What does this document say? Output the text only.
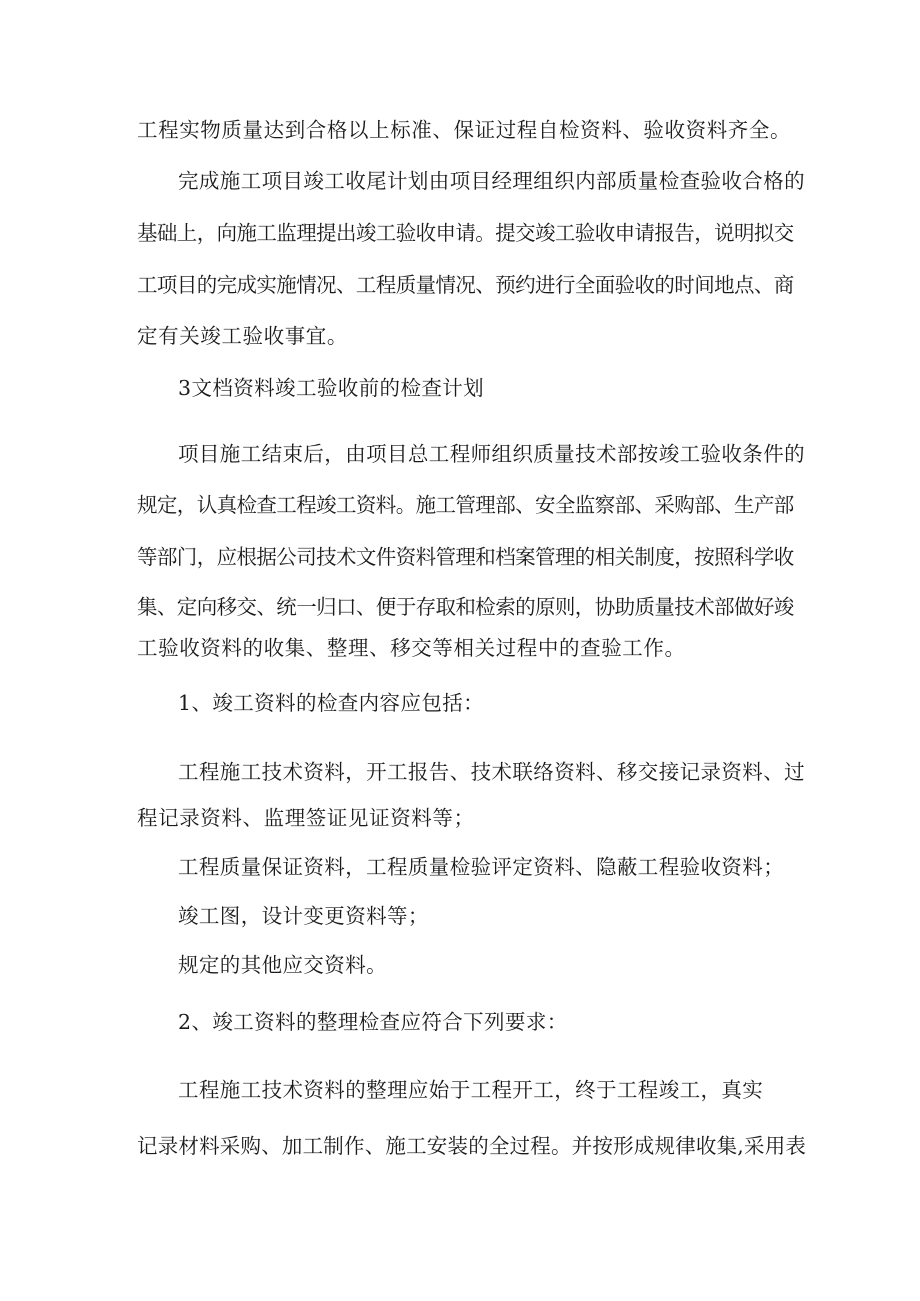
工程实物质量达到合格以上标准、保证过程自检资料、验收资料齐全。

完成施工项目竣工收尾计划由项目经理组织内部质量检查验收合格的

基础上，向施工监理提出竣工验收申请。提交竣工验收申请报告，说明拟交

工项目的完成实施情况、工程质量情况、预约进行全面验收的时间地点、商

定有关竣工验收事宜。

3文档资料竣工验收前的检查计划

项目施工结束后，由项目总工程师组织质量技术部按竣工验收条件的

规定，认真检查工程竣工资料。施工管理部、安全监察部、采购部、生产部

等部门，应根据公司技术文件资料管理和档案管理的相关制度，按照科学收

集、定向移交、统一归口、便于存取和检索的原则，协助质量技术部做好竣

工验收资料的收集、整理、移交等相关过程中的查验工作。

1、竣工资料的检查内容应包括：

工程施工技术资料，开工报告、技术联络资料、移交接记录资料、过

程记录资料、监理签证见证资料等；

工程质量保证资料，工程质量检验评定资料、隐蔽工程验收资料；

竣工图，设计变更资料等；

规定的其他应交资料。

2、竣工资料的整理检查应符合下列要求：

工程施工技术资料的整理应始于工程开工，终于工程竣工，真实

记录材料采购、加工制作、施工安装的全过程。并按形成规律收集,采用表
